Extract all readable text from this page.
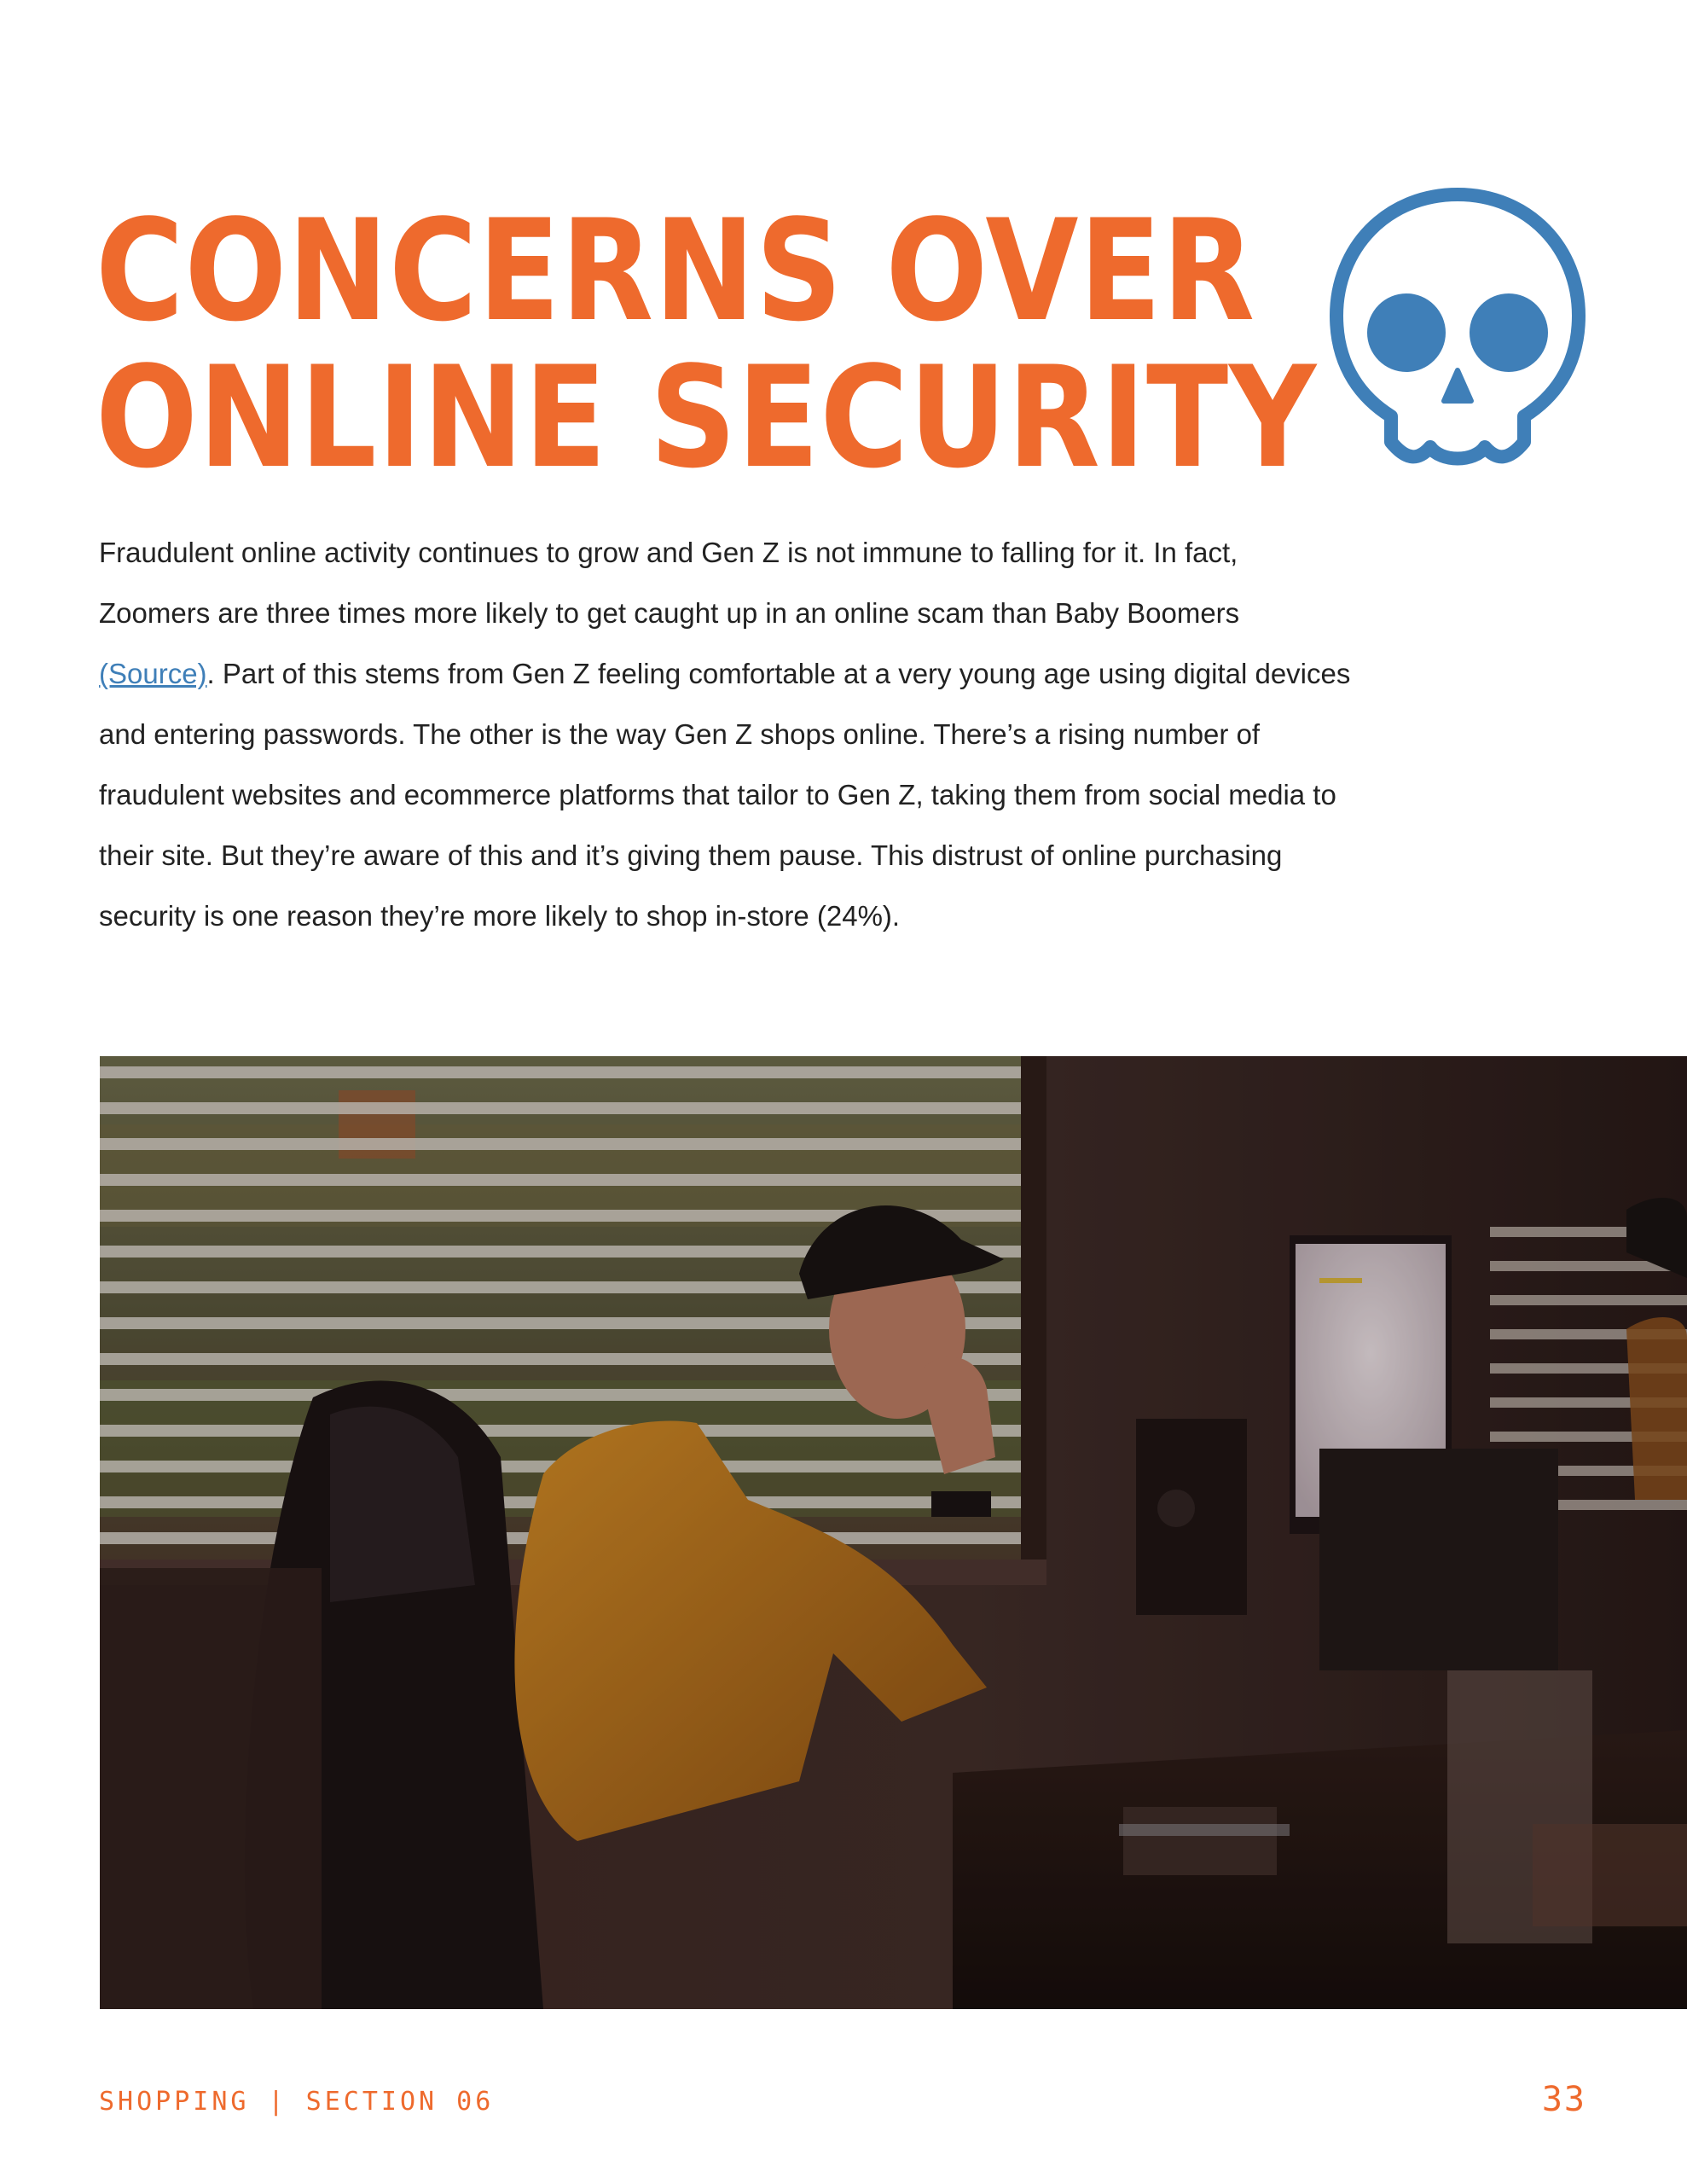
CONCERNS OVER
ONLINE SECURITY

Fraudulent online activity continues to grow and Gen Z is not immune to falling for it. In fact, Zoomers are three times more likely to get caught up in an online scam than Baby Boomers (Source). Part of this stems from Gen Z feeling comfortable at a very young age using digital devices and entering passwords. The other is the way Gen Z shops online. There’s a rising number of fraudulent websites and ecommerce platforms that tailor to Gen Z, taking them from social media to their site. But they’re aware of this and it’s giving them pause. This distrust of online purchasing security is one reason they’re more likely to shop in-store (24%).

SHOPPING | SECTION 06	33
